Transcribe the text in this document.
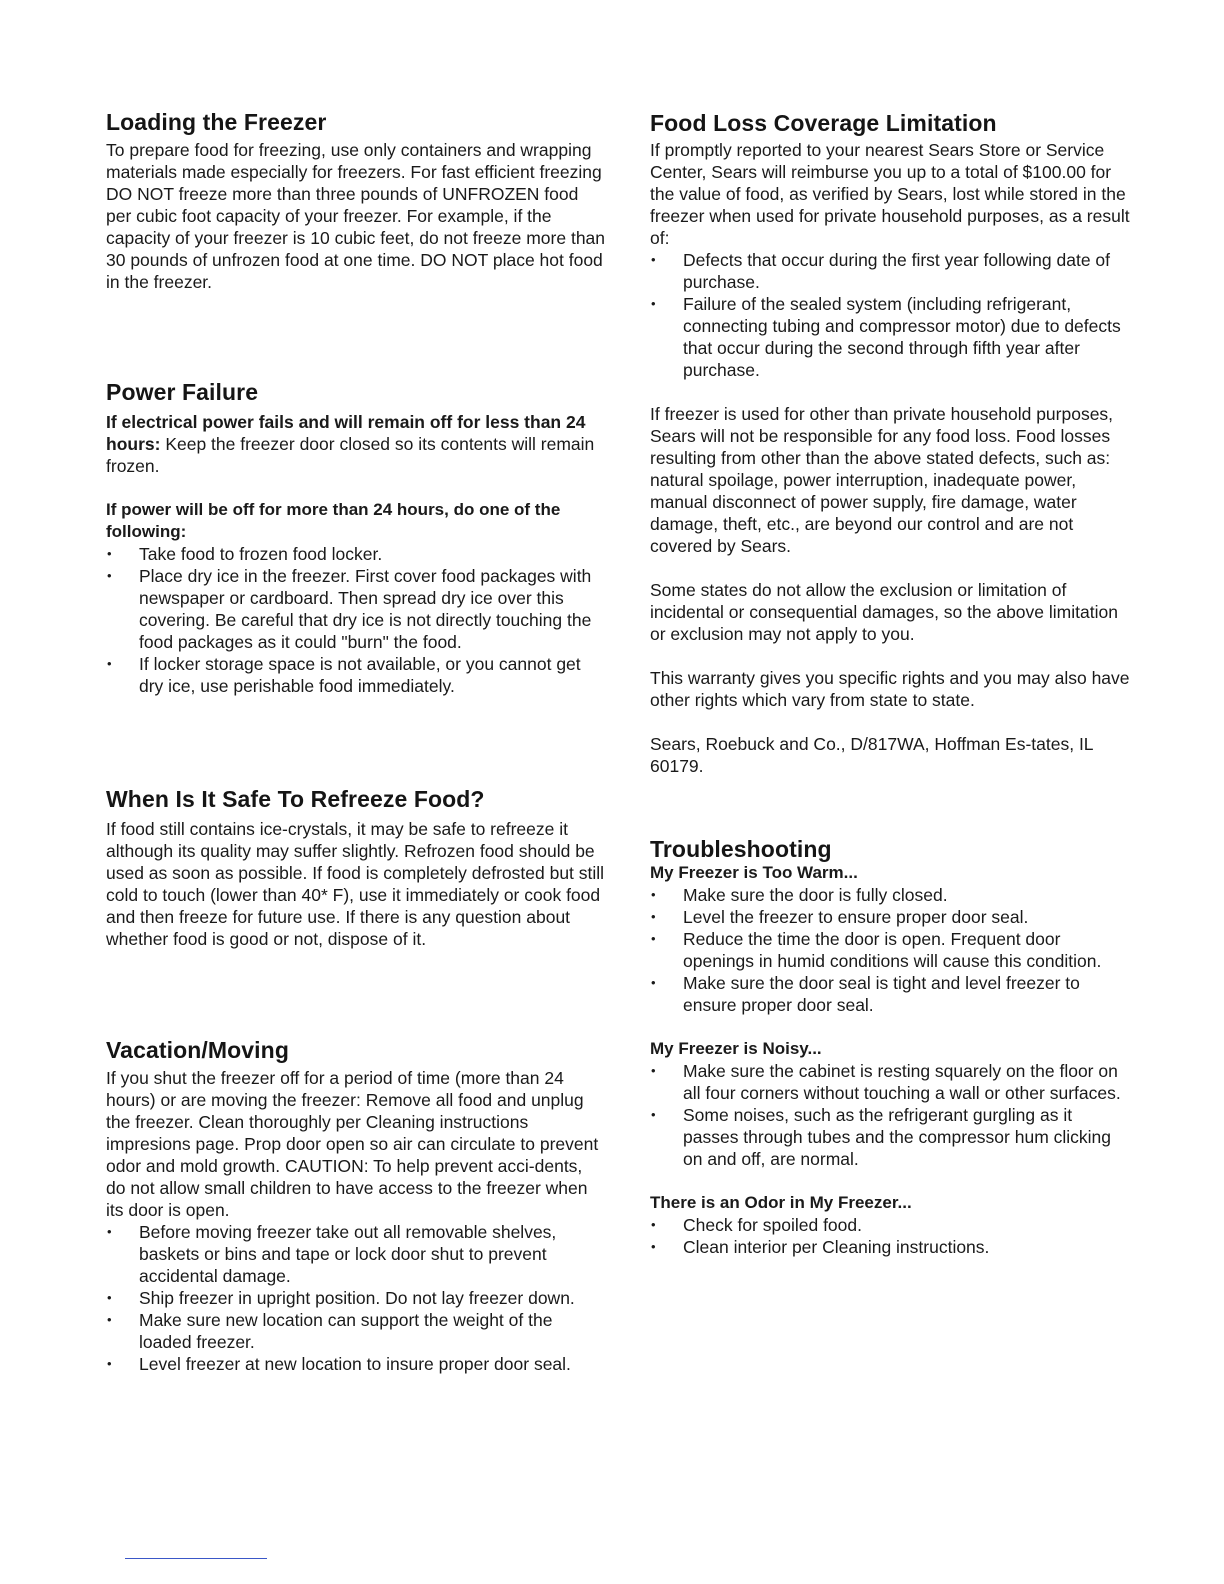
Loading the Freezer

To prepare food for freezing, use only containers and wrapping materials made especially for freezers. For fast efficient freezing DO NOT freeze more than three pounds of UNFROZEN food per cubic foot capacity of your freezer. For example, if the capacity of your freezer is 10 cubic feet, do not freeze more than 30 pounds of unfrozen food at one time. DO NOT place hot food in the freezer.

Power Failure

If electrical power fails and will remain off for less than 24 hours: Keep the freezer door closed so its contents will remain frozen.

If power will be off for more than 24 hours, do one of the following:

• Take food to frozen food locker.
• Place dry ice in the freezer. First cover food packages with newspaper or cardboard. Then spread dry ice over this covering. Be careful that dry ice is not directly touching the food packages as it could "burn" the food.
• If locker storage space is not available, or you cannot get dry ice, use perishable food immediately.
When Is It Safe To Refreeze Food?

If food still contains ice-crystals, it may be safe to refreeze it although its quality may suffer slightly. Refrozen food should be used as soon as possible. If food is completely defrosted but still cold to touch (lower than 40* F), use it immediately or cook food and then freeze for future use. If there is any question about whether food is good or not, dispose of it.

Vacation/Moving

If you shut the freezer off for a period of time (more than 24 hours) or are moving the freezer: Remove all food and unplug the freezer. Clean thoroughly per Cleaning instructions impresions page. Prop door open so air can circulate to prevent odor and mold growth. CAUTION: To help prevent acci-dents, do not allow small children to have access to the freezer when its door is open.

• Before moving freezer take out all removable shelves, baskets or bins and tape or lock door shut to prevent accidental damage.
• Ship freezer in upright position. Do not lay freezer down.
• Make sure new location can support the weight of the loaded freezer.
• Level freezer at new location to insure proper door seal.
Food Loss Coverage Limitation

If promptly reported to your nearest Sears Store or Service Center, Sears will reimburse you up to a total of $100.00 for the value of food, as verified by Sears, lost while stored in the freezer when used for private household purposes, as a result of:

• Defects that occur during the first year following date of purchase.
• Failure of the sealed system (including refrigerant, connecting tubing and compressor motor) due to defects that occur during the second through fifth year after purchase.

If freezer is used for other than private household purposes, Sears will not be responsible for any food loss. Food losses resulting from other than the above stated defects, such as: natural spoilage, power interruption, inadequate power, manual disconnect of power supply, fire damage, water damage, theft, etc., are beyond our control and are not covered by Sears.

Some states do not allow the exclusion or limitation of incidental or consequential damages, so the above limitation or exclusion may not apply to you.

This warranty gives you specific rights and you may also have other rights which vary from state to state.

Sears, Roebuck and Co., D/817WA, Hoffman Es-tates, IL 60179.

Troubleshooting

My Freezer is Too Warm...

• Make sure the door is fully closed.
• Level the freezer to ensure proper door seal.
• Reduce the time the door is open. Frequent door openings in humid conditions will cause this condition.
• Make sure the door seal is tight and level freezer to ensure proper door seal.

My Freezer is Noisy...

• Make sure the cabinet is resting squarely on the floor on all four corners without touching a wall or other surfaces.
• Some noises, such as the refrigerant gurgling as it passes through tubes and the compressor hum clicking on and off, are normal.

There is an Odor in My Freezer...

• Check for spoiled food.
• Clean interior per Cleaning instructions.
